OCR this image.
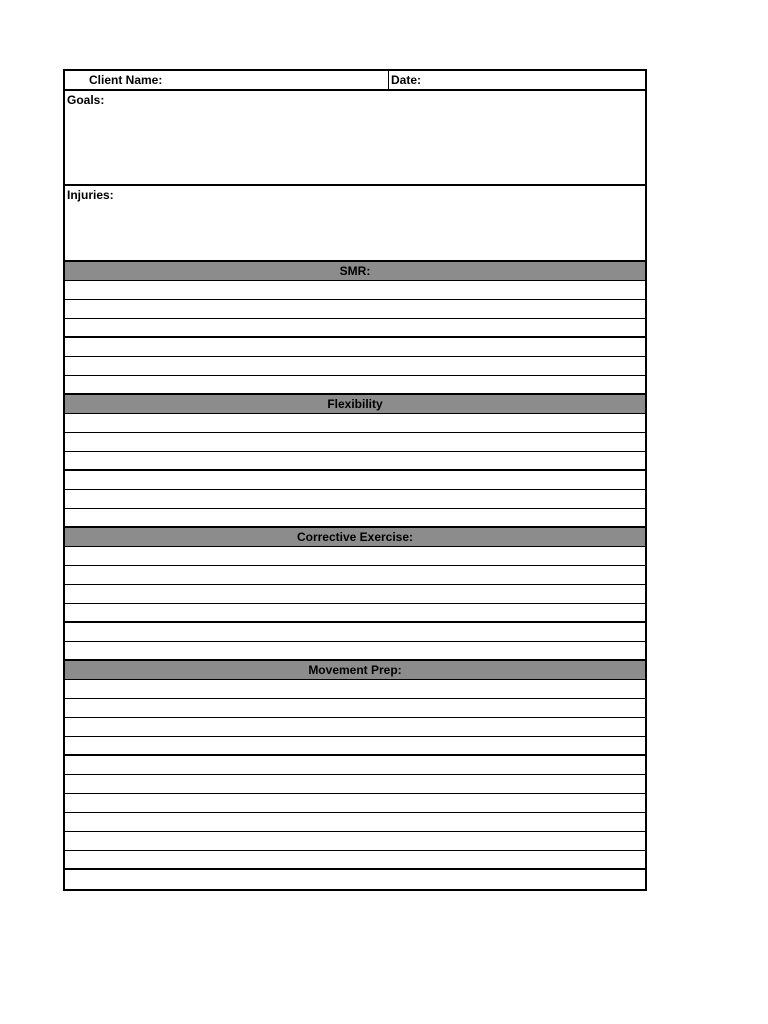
Client Name:	Date:
Goals:
Injuries:
SMR:
Flexibility
Corrective Exercise:
Movement Prep:
